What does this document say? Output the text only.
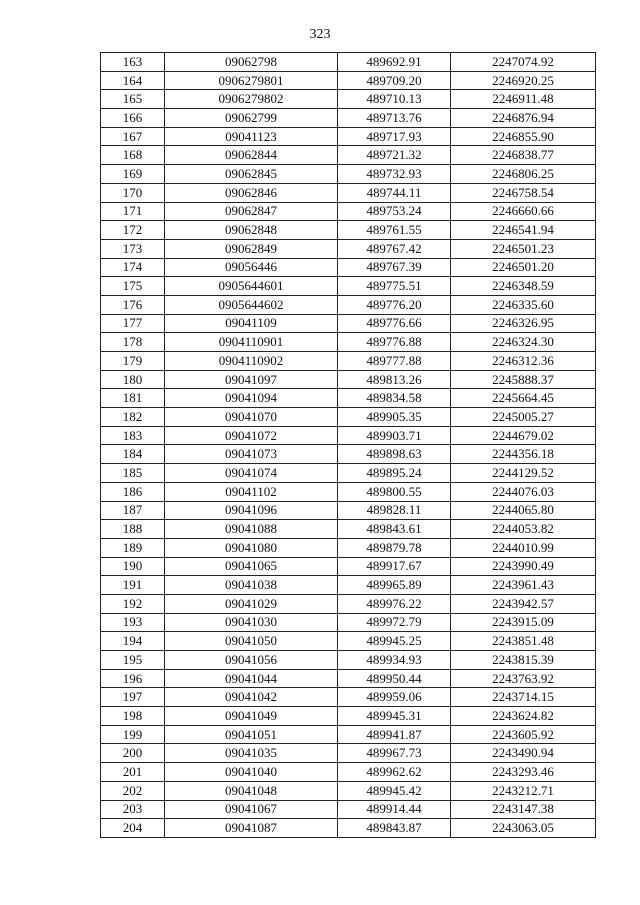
323
163	09062798	489692.91	2247074.92
164	0906279801	489709.20	2246920.25
165	0906279802	489710.13	2246911.48
166	09062799	489713.76	2246876.94
167	09041123	489717.93	2246855.90
168	09062844	489721.32	2246838.77
169	09062845	489732.93	2246806.25
170	09062846	489744.11	2246758.54
171	09062847	489753.24	2246660.66
172	09062848	489761.55	2246541.94
173	09062849	489767.42	2246501.23
174	09056446	489767.39	2246501.20
175	0905644601	489775.51	2246348.59
176	0905644602	489776.20	2246335.60
177	09041109	489776.66	2246326.95
178	0904110901	489776.88	2246324.30
179	0904110902	489777.88	2246312.36
180	09041097	489813.26	2245888.37
181	09041094	489834.58	2245664.45
182	09041070	489905.35	2245005.27
183	09041072	489903.71	2244679.02
184	09041073	489898.63	2244356.18
185	09041074	489895.24	2244129.52
186	09041102	489800.55	2244076.03
187	09041096	489828.11	2244065.80
188	09041088	489843.61	2244053.82
189	09041080	489879.78	2244010.99
190	09041065	489917.67	2243990.49
191	09041038	489965.89	2243961.43
192	09041029	489976.22	2243942.57
193	09041030	489972.79	2243915.09
194	09041050	489945.25	2243851.48
195	09041056	489934.93	2243815.39
196	09041044	489950.44	2243763.92
197	09041042	489959.06	2243714.15
198	09041049	489945.31	2243624.82
199	09041051	489941.87	2243605.92
200	09041035	489967.73	2243490.94
201	09041040	489962.62	2243293.46
202	09041048	489945.42	2243212.71
203	09041067	489914.44	2243147.38
204	09041087	489843.87	2243063.05
